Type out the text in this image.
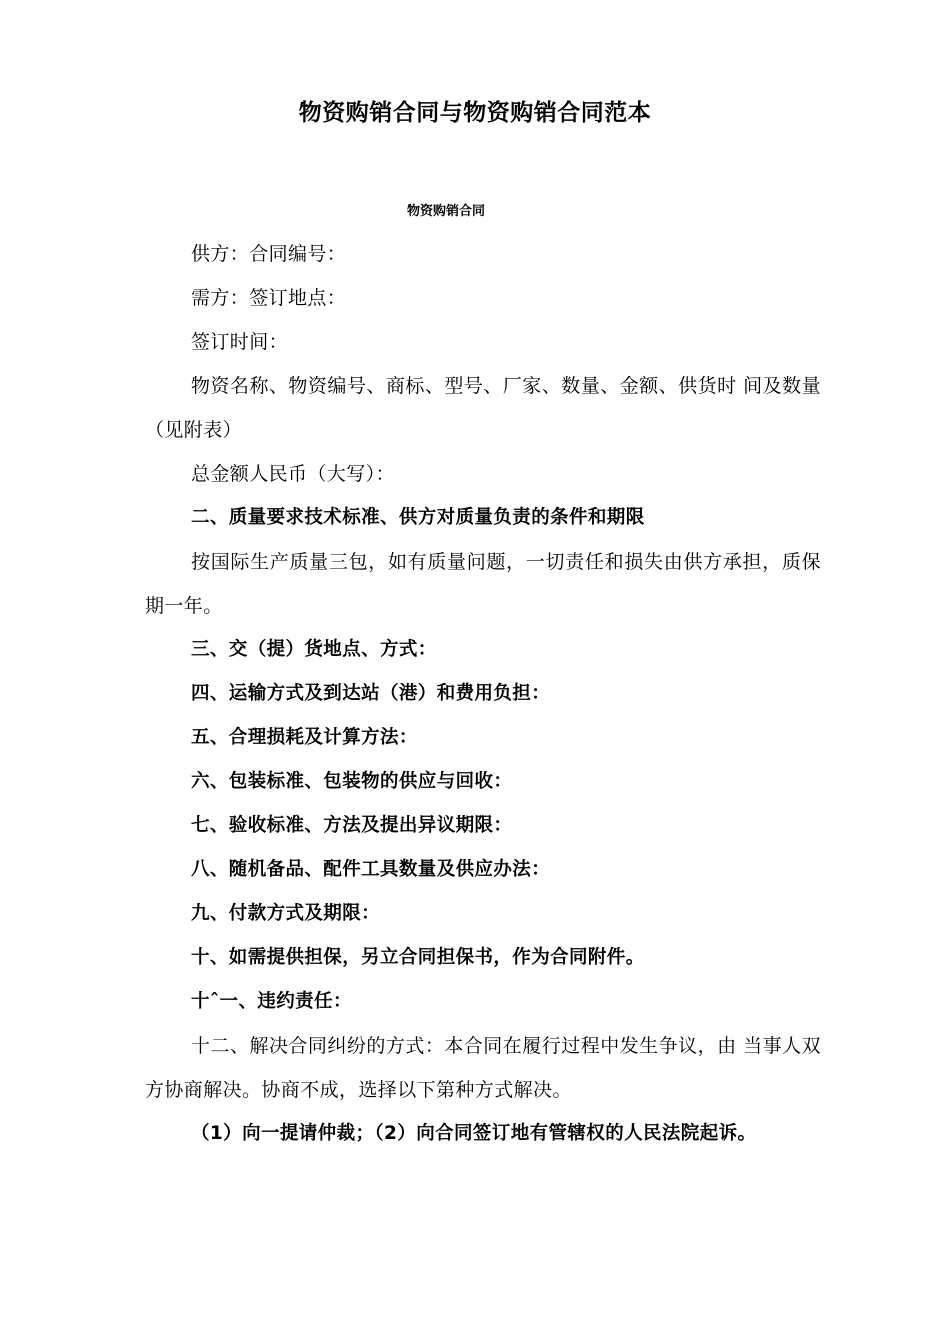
物资购销合同与物资购销合同范本
物资购销合同

供方：合同编号：

需方：签订地点：

签订时间：

物资名称、物资编号、商标、型号、厂家、数量、金额、供货时 间及数量（见附表）

总金额人民币（大写）：

二、质量要求技术标准、供方对质量负责的条件和期限

按国际生产质量三包，如有质量问题，一切责任和损失由供方承担，质保期一年。

三、交（提）货地点、方式：

四、运输方式及到达站（港）和费用负担：

五、合理损耗及计算方法：

六、包装标准、包装物的供应与回收：

七、验收标准、方法及提出异议期限：

八、随机备品、配件工具数量及供应办法：

九、付款方式及期限：

十、如需提供担保，另立合同担保书，作为合同附件。

十ˆ一、违约责任：

十二、解决合同纠纷的方式：本合同在履行过程中发生争议，由 当事人双方协商解决。协商不成，选择以下第种方式解决。

（1）向一提请仲裁；（2）向合同签订地有管辖权的人民法院起诉。
